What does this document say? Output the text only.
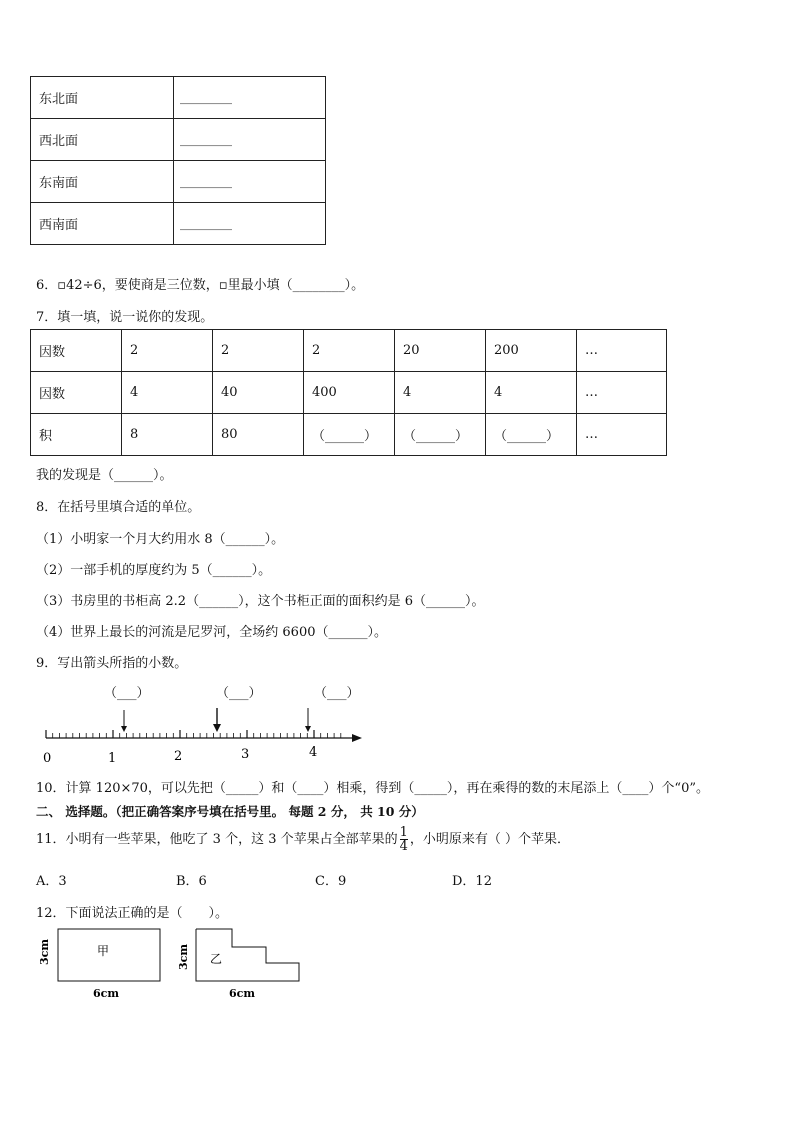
东北面	________
西北面	________
东南面	________
西南面	________
6．▫42÷6，要使商是三位数，▫里最小填（________）。
7．填一填，说一说你的发现。
因数	2	2	2	20	200	…
因数	4	40	400	4	4	…
积	8	80	（______）	（______）	（______）	…
我的发现是（______）。
8．在括号里填合适的单位。
（1）小明家一个月大约用水 8（______）。
（2）一部手机的厚度约为 5（______）。
（3）书房里的书柜高 2.2（______），这个书柜正面的面积约是 6（______）。
（4）世界上最长的河流是尼罗河，全场约 6600（______）。
9．写出箭头所指的小数。
（___）	（___）	（___）
0	1	2	3	4
10．计算 120×70，可以先把（_____）和（____）相乘，得到（_____），再在乘得的数的末尾添上（____）个“0”。
二、 选择题。（把正确答案序号填在括号里。 每题 2 分， 共 10 分）
11．小明有一些苹果，他吃了 3 个，这 3 个苹果占全部苹果的 $\frac{1}{4}$ ，小明原来有（ ）个苹果．
A．3	B．6	C．9	D．12
12．下面说法正确的是（　　）。
甲
3cm
6cm
乙
3cm
6cm
